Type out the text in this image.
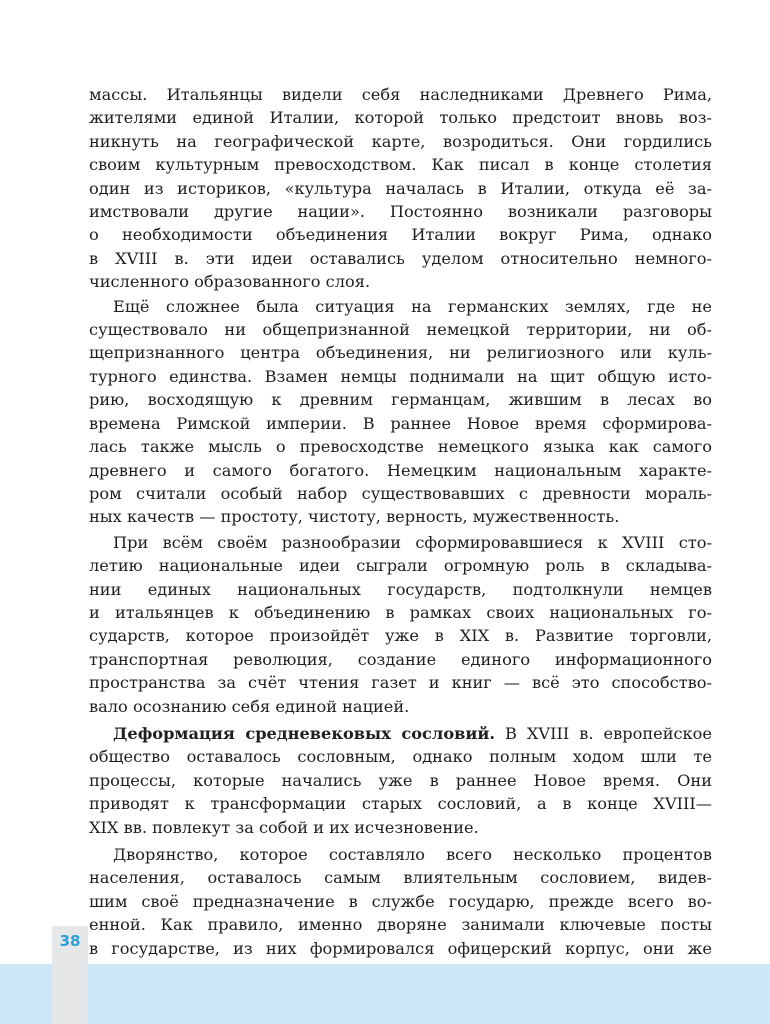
массы. Итальянцы видели себя наследниками Древнего Рима,
жителями единой Италии, которой только предстоит вновь воз-
никнуть на географической карте, возродиться. Они гордились
своим культурным превосходством. Как писал в конце столетия
один из историков, «культура началась в Италии, откуда её за-
имствовали другие нации». Постоянно возникали разговоры
о необходимости объединения Италии вокруг Рима, однако
в XVIII в. эти идеи оставались уделом относительно немного-
численного образованного слоя.
Ещё сложнее была ситуация на германских землях, где не
существовало ни общепризнанной немецкой территории, ни об-
щепризнанного центра объединения, ни религиозного или куль-
турного единства. Взамен немцы поднимали на щит общую исто-
рию, восходящую к древним германцам, жившим в лесах во
времена Римской империи. В раннее Новое время сформирова-
лась также мысль о превосходстве немецкого языка как самого
древнего и самого богатого. Немецким национальным характе-
ром считали особый набор существовавших с древности мораль-
ных качеств — простоту, чистоту, верность, мужественность.
При всём своём разнообразии сформировавшиеся к XVIII сто-
летию национальные идеи сыграли огромную роль в складыва-
нии единых национальных государств, подтолкнули немцев
и итальянцев к объединению в рамках своих национальных го-
сударств, которое произойдёт уже в XIX в. Развитие торговли,
транспортная революция, создание единого информационного
пространства за счёт чтения газет и книг — всё это способство-
вало осознанию себя единой нацией.
Деформация средневековых сословий. В XVIII в. европейское
общество оставалось сословным, однако полным ходом шли те
процессы, которые начались уже в раннее Новое время. Они
приводят к трансформации старых сословий, а в конце XVIII—
XIX вв. повлекут за собой и их исчезновение.
Дворянство, которое составляло всего несколько процентов
населения, оставалось самым влиятельным сословием, видев-
шим своё предназначение в службе государю, прежде всего во-
енной. Как правило, именно дворяне занимали ключевые посты
в государстве, из них формировался офицерский корпус, они же
38
